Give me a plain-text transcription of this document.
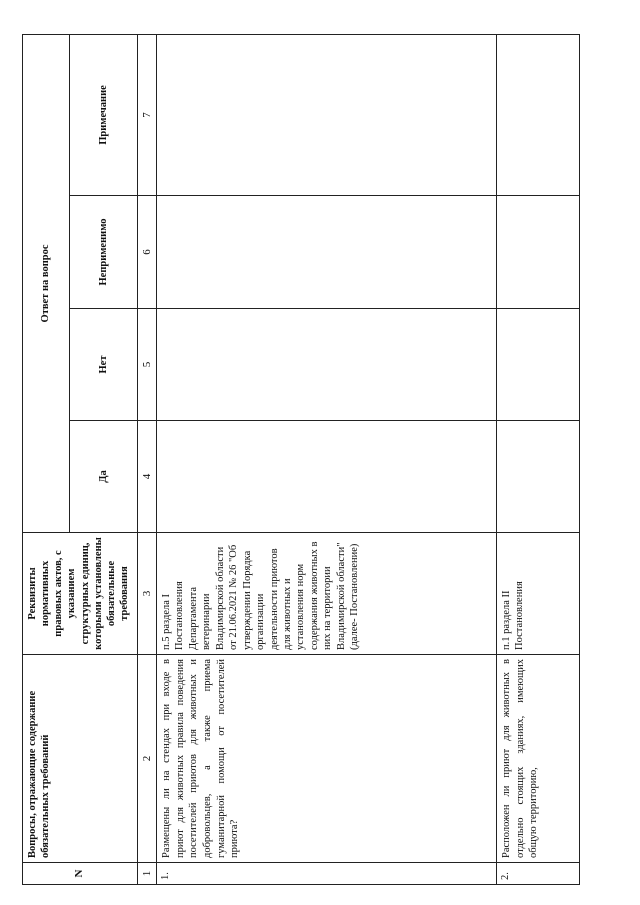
N	Вопросы, отражающие содержание обязательных требований	Реквизиты нормативных правовых актов, с указанием структурных единиц, которыми установлены обязательные требования	Ответ на вопрос			
			Да	Нет	Неприменимо	Примечание
1	2	3	4	5	6	7
1.	Размещены ли на стендах при входе в приют для животных правила поведения посетителей приютов для животных и добровольцев, а также приема гуманитарной помощи от посетителей приюта?	п.5 раздела I Постановления Департамента ветеринарии Владимирской области от 21.06.2021 № 26 "Об утверждении Порядка организации деятельности приютов для животных и установления норм содержания животных в них на территории Владимирской области" (далее- Постановление)				
2.	Расположен ли приют для животных в отдельно стоящих зданиях, имеющих общую территорию,	п.1 раздела II Постановления				
